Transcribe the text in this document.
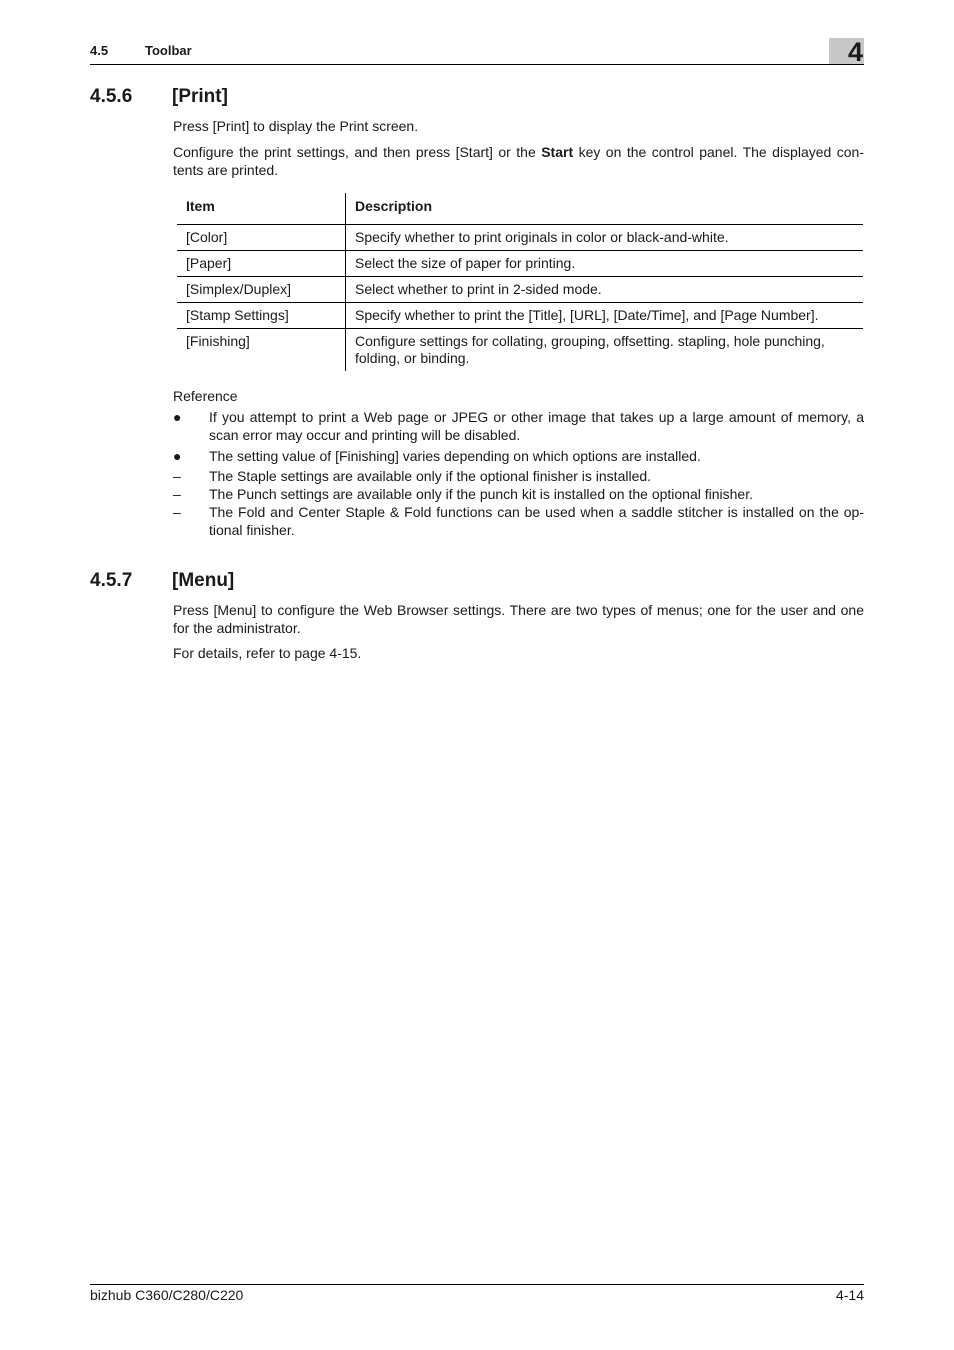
4.5	Toolbar	4
4.5.6 [Print]
Press [Print] to display the Print screen.
Configure the print settings, and then press [Start] or the Start key on the control panel. The displayed con-tents are printed.
Item	Description
[Color]	Specify whether to print originals in color or black-and-white.
[Paper]	Select the size of paper for printing.
[Simplex/Duplex]	Select whether to print in 2-sided mode.
[Stamp Settings]	Specify whether to print the [Title], [URL], [Date/Time], and [Page Number].
[Finishing]	Configure settings for collating, grouping, offsetting. stapling, hole punching, folding, or binding.
Reference
●	If you attempt to print a Web page or JPEG or other image that takes up a large amount of memory, a scan error may occur and printing will be disabled.
●	The setting value of [Finishing] varies depending on which options are installed.
–	The Staple settings are available only if the optional finisher is installed.
–	The Punch settings are available only if the punch kit is installed on the optional finisher.
–	The Fold and Center Staple & Fold functions can be used when a saddle stitcher is installed on the op-tional finisher.
4.5.7 [Menu]
Press [Menu] to configure the Web Browser settings. There are two types of menus; one for the user and one for the administrator.
For details, refer to page 4-15.
bizhub C360/C280/C220	4-14
